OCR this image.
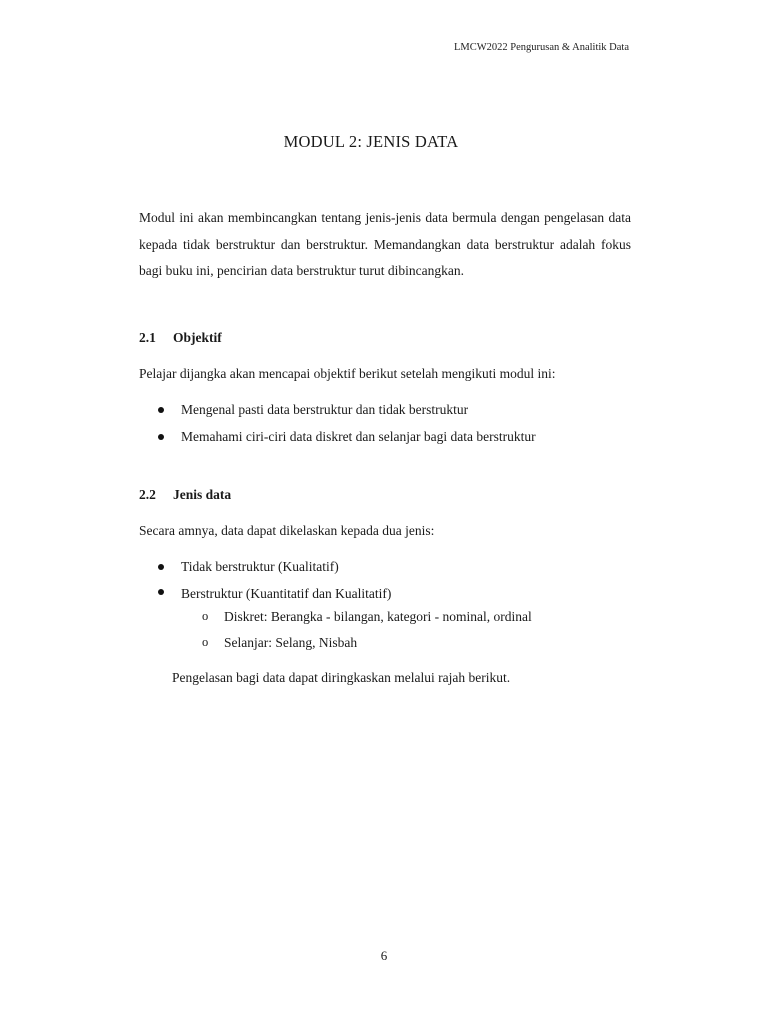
LMCW2022 Pengurusan & Analitik Data
MODUL 2: JENIS DATA

Modul ini akan membincangkan tentang jenis-jenis data bermula dengan pengelasan data kepada tidak berstruktur dan berstruktur. Memandangkan data berstruktur adalah fokus bagi buku ini, pencirian data berstruktur turut dibincangkan.

2.1 Objektif
Pelajar dijangka akan mencapai objektif berikut setelah mengikuti modul ini:
Mengenal pasti data berstruktur dan tidak berstruktur
Memahami ciri-ciri data diskret dan selanjar bagi data berstruktur
2.2 Jenis data
Secara amnya, data dapat dikelaskan kepada dua jenis:
Tidak berstruktur (Kualitatif)
Berstruktur (Kuantitatif dan Kualitatif)
o Diskret: Berangka - bilangan, kategori - nominal, ordinal
o Selanjar: Selang, Nisbah
Pengelasan bagi data dapat diringkaskan melalui rajah berikut.
6
